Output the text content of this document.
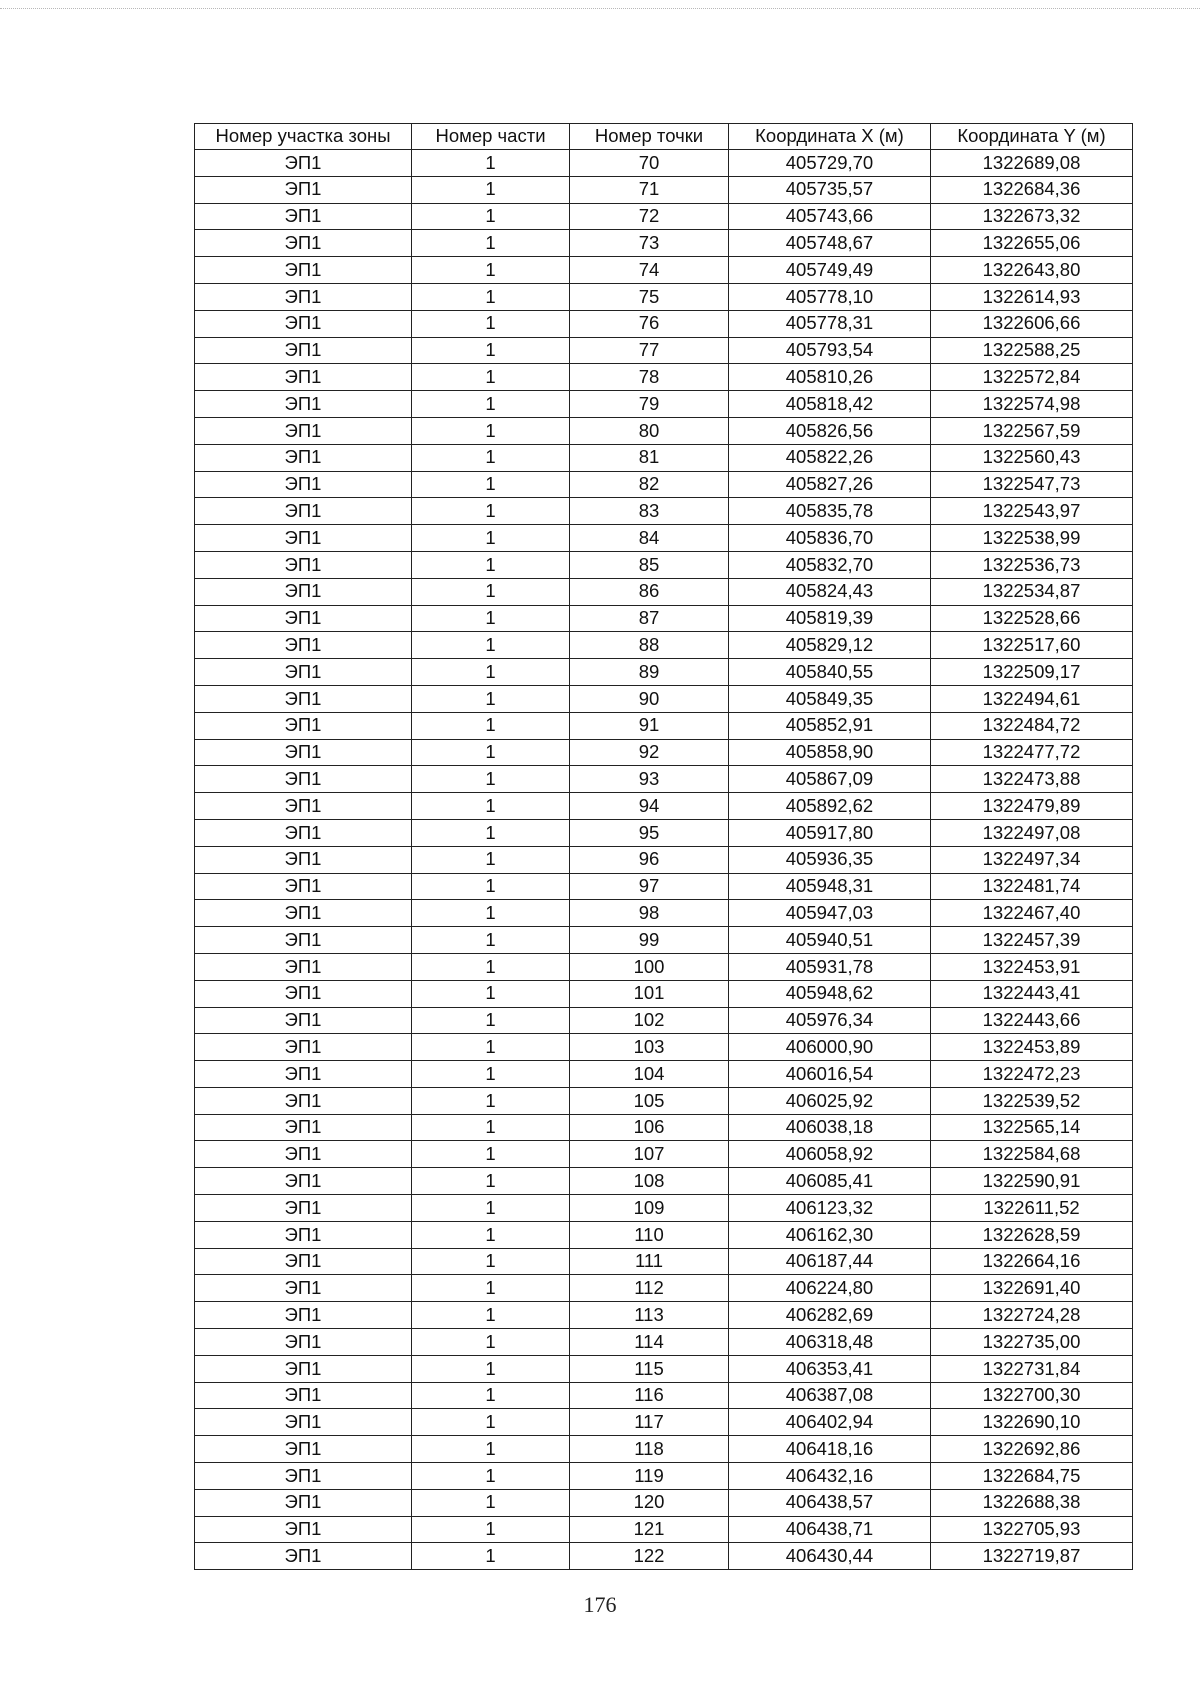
Номер участка зоны	Номер части	Номер точки	Координата X (м)	Координата Y (м)
ЭП1	1	70	405729,70	1322689,08
ЭП1	1	71	405735,57	1322684,36
ЭП1	1	72	405743,66	1322673,32
ЭП1	1	73	405748,67	1322655,06
ЭП1	1	74	405749,49	1322643,80
ЭП1	1	75	405778,10	1322614,93
ЭП1	1	76	405778,31	1322606,66
ЭП1	1	77	405793,54	1322588,25
ЭП1	1	78	405810,26	1322572,84
ЭП1	1	79	405818,42	1322574,98
ЭП1	1	80	405826,56	1322567,59
ЭП1	1	81	405822,26	1322560,43
ЭП1	1	82	405827,26	1322547,73
ЭП1	1	83	405835,78	1322543,97
ЭП1	1	84	405836,70	1322538,99
ЭП1	1	85	405832,70	1322536,73
ЭП1	1	86	405824,43	1322534,87
ЭП1	1	87	405819,39	1322528,66
ЭП1	1	88	405829,12	1322517,60
ЭП1	1	89	405840,55	1322509,17
ЭП1	1	90	405849,35	1322494,61
ЭП1	1	91	405852,91	1322484,72
ЭП1	1	92	405858,90	1322477,72
ЭП1	1	93	405867,09	1322473,88
ЭП1	1	94	405892,62	1322479,89
ЭП1	1	95	405917,80	1322497,08
ЭП1	1	96	405936,35	1322497,34
ЭП1	1	97	405948,31	1322481,74
ЭП1	1	98	405947,03	1322467,40
ЭП1	1	99	405940,51	1322457,39
ЭП1	1	100	405931,78	1322453,91
ЭП1	1	101	405948,62	1322443,41
ЭП1	1	102	405976,34	1322443,66
ЭП1	1	103	406000,90	1322453,89
ЭП1	1	104	406016,54	1322472,23
ЭП1	1	105	406025,92	1322539,52
ЭП1	1	106	406038,18	1322565,14
ЭП1	1	107	406058,92	1322584,68
ЭП1	1	108	406085,41	1322590,91
ЭП1	1	109	406123,32	1322611,52
ЭП1	1	110	406162,30	1322628,59
ЭП1	1	111	406187,44	1322664,16
ЭП1	1	112	406224,80	1322691,40
ЭП1	1	113	406282,69	1322724,28
ЭП1	1	114	406318,48	1322735,00
ЭП1	1	115	406353,41	1322731,84
ЭП1	1	116	406387,08	1322700,30
ЭП1	1	117	406402,94	1322690,10
ЭП1	1	118	406418,16	1322692,86
ЭП1	1	119	406432,16	1322684,75
ЭП1	1	120	406438,57	1322688,38
ЭП1	1	121	406438,71	1322705,93
ЭП1	1	122	406430,44	1322719,87
176
